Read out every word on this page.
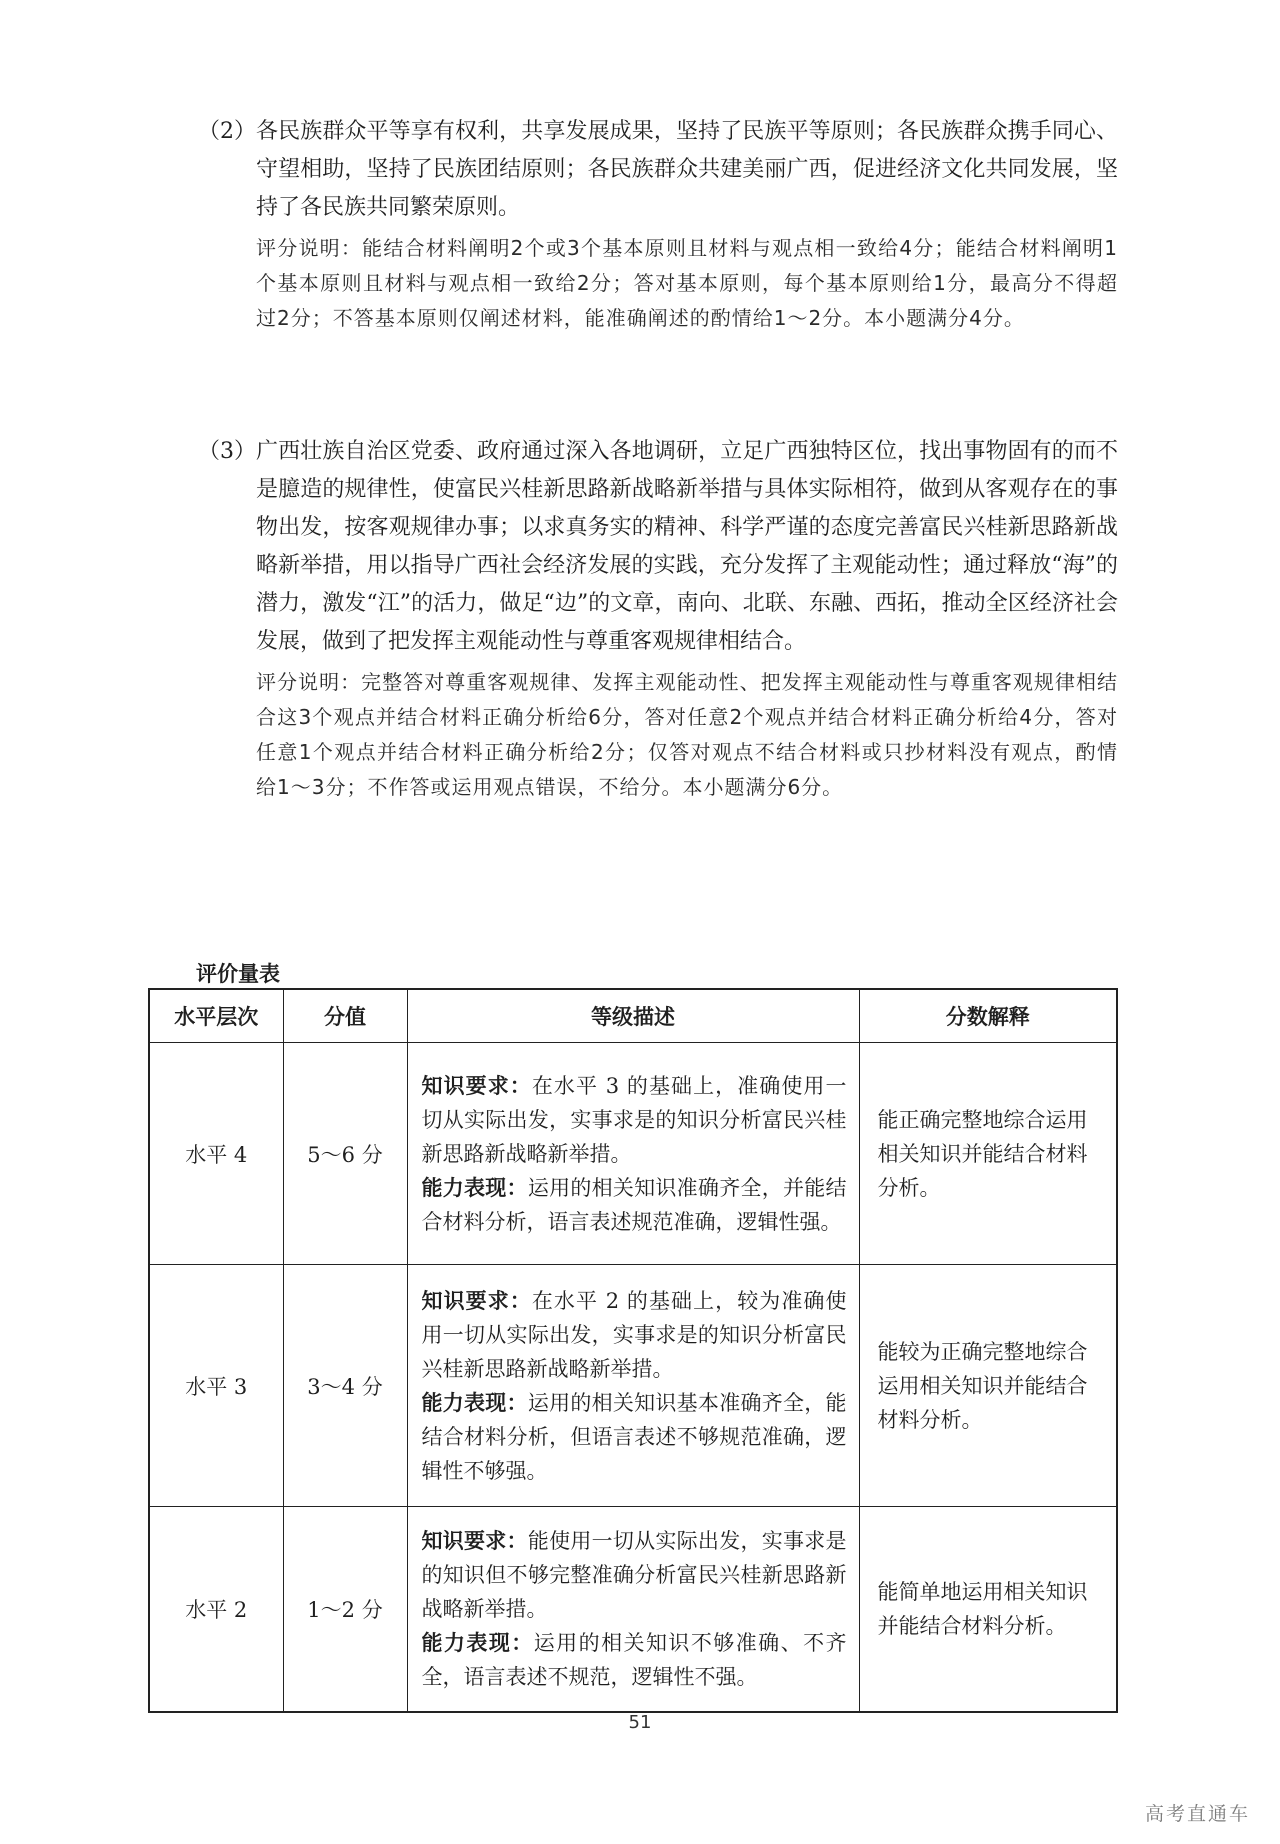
（2） 各民族群众平等享有权利，共享发展成果，坚持了民族平等原则；各民族群众携手同心、守望相助，坚持了民族团结原则；各民族群众共建美丽广西，促进经济文化共同发展，坚持了各民族共同繁荣原则。
评分说明：能结合材料阐明2个或3个基本原则且材料与观点相一致给4分；能结合材料阐明1个基本原则且材料与观点相一致给2分；答对基本原则，每个基本原则给1分，最高分不得超过2分；不答基本原则仅阐述材料，能准确阐述的酌情给1～2分。本小题满分4分。
（3） 广西壮族自治区党委、政府通过深入各地调研，立足广西独特区位，找出事物固有的而不是臆造的规律性，使富民兴桂新思路新战略新举措与具体实际相符，做到从客观存在的事物出发，按客观规律办事；以求真务实的精神、科学严谨的态度完善富民兴桂新思路新战略新举措，用以指导广西社会经济发展的实践，充分发挥了主观能动性；通过释放“海”的潜力，激发“江”的活力，做足“边”的文章，南向、北联、东融、西拓，推动全区经济社会发展，做到了把发挥主观能动性与尊重客观规律相结合。
评分说明：完整答对尊重客观规律、发挥主观能动性、把发挥主观能动性与尊重客观规律相结合这3个观点并结合材料正确分析给6分，答对任意2个观点并结合材料正确分析给4分，答对任意1个观点并结合材料正确分析给2分；仅答对观点不结合材料或只抄材料没有观点，酌情给1～3分；不作答或运用观点错误，不给分。本小题满分6分。
评价量表
水平层次	分值	等级描述	分数解释
水平 4	5～6 分	知识要求：在水平 3 的基础上，准确使用一切从实际出发，实事求是的知识分析富民兴桂新思路新战略新举措。
能力表现：运用的相关知识准确齐全，并能结合材料分析，语言表述规范准确，逻辑性强。	能正确完整地综合运用相关知识并能结合材料分析。
水平 3	3～4 分	知识要求：在水平 2 的基础上，较为准确使用一切从实际出发，实事求是的知识分析富民兴桂新思路新战略新举措。
能力表现：运用的相关知识基本准确齐全，能结合材料分析，但语言表述不够规范准确，逻辑性不够强。	能较为正确完整地综合运用相关知识并能结合材料分析。
水平 2	1～2 分	知识要求：能使用一切从实际出发，实事求是的知识但不够完整准确分析富民兴桂新思路新战略新举措。
能力表现：运用的相关知识不够准确、不齐全，语言表述不规范，逻辑性不强。	能简单地运用相关知识并能结合材料分析。
51
高考直通车
